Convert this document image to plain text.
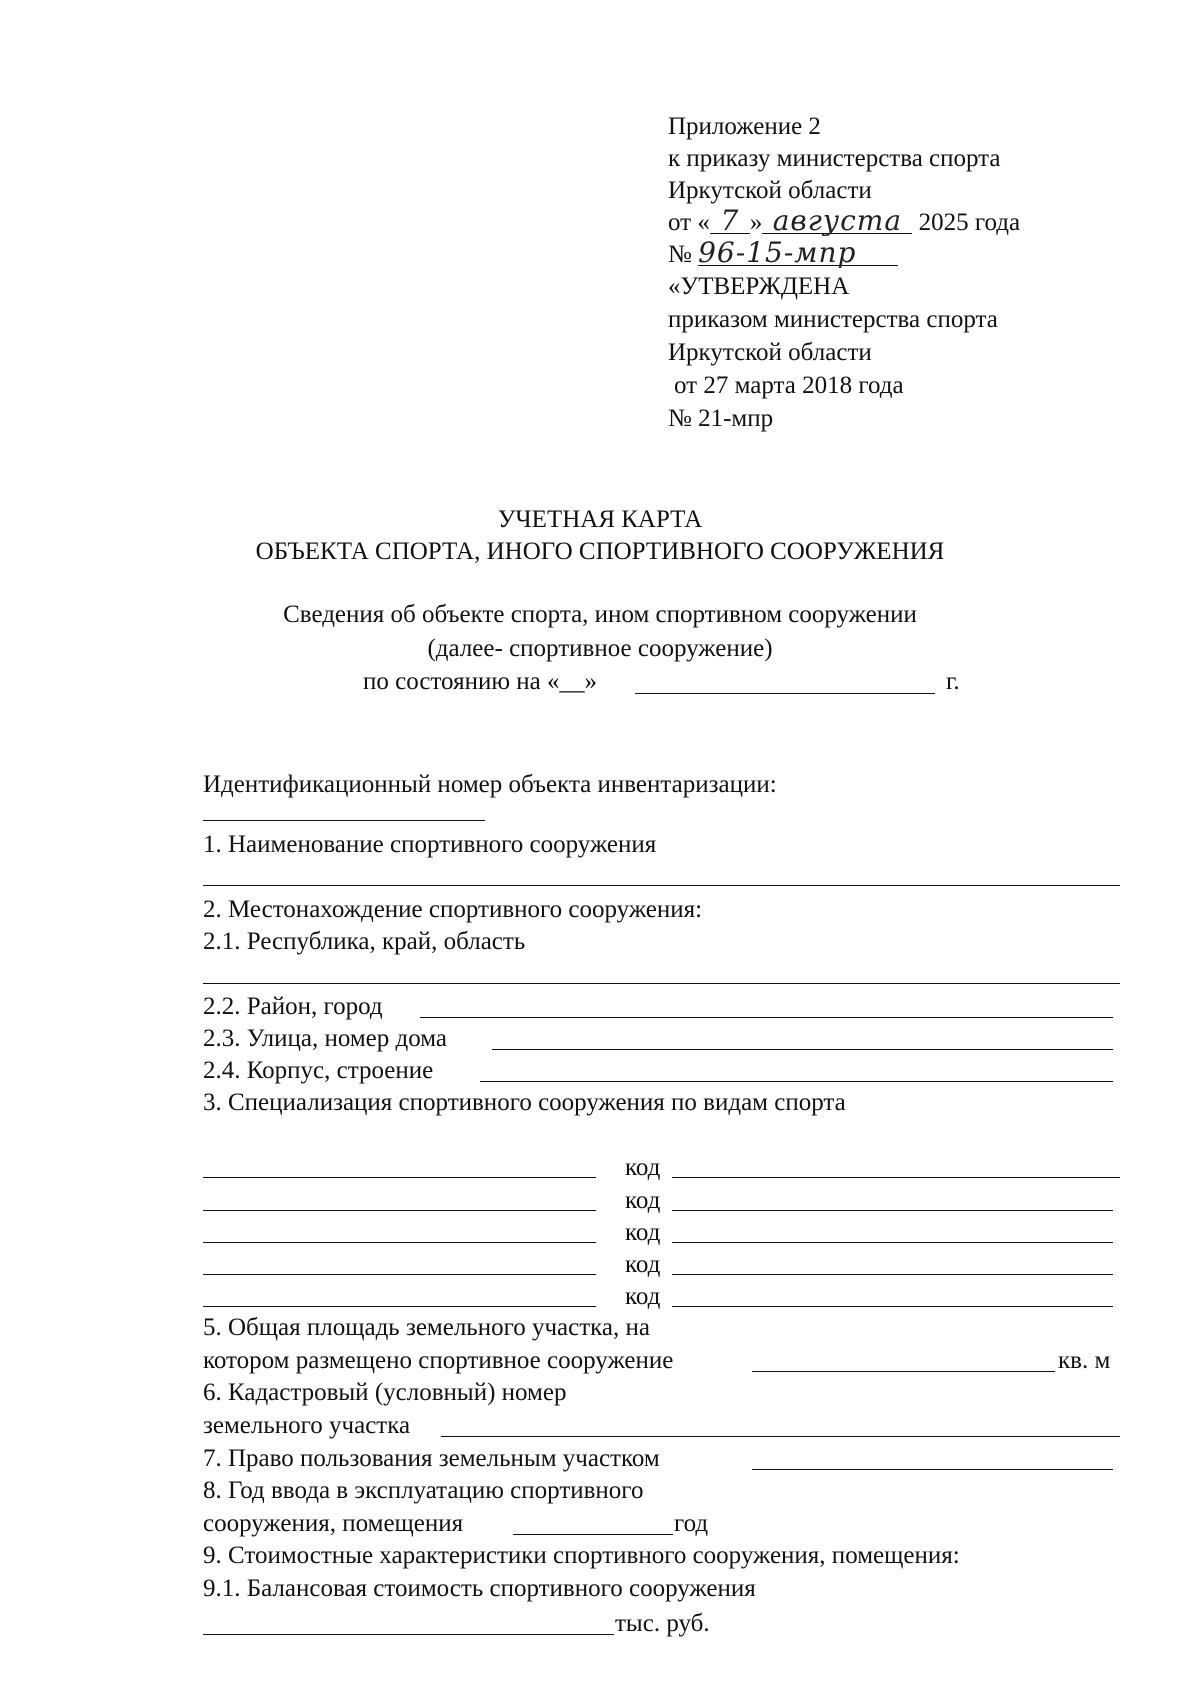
Приложение 2
к приказу министерства спорта
Иркутской области
от « 7 » августа 2025 года
№ 96-15-мпр
«УТВЕРЖДЕНА
приказом министерства спорта
Иркутской области
от 27 марта 2018 года
№ 21-мпр
УЧЕТНАЯ КАРТА
ОБЪЕКТА СПОРТА, ИНОГО СПОРТИВНОГО СООРУЖЕНИЯ
Сведения об объекте спорта, ином спортивном сооружении
(далее- спортивное сооружение)
по состоянию на «__»	г.
Идентификационный номер объекта инвентаризации:
1. Наименование спортивного сооружения
2. Местонахождение спортивного сооружения:
2.1. Республика, край, область
2.2. Район, город
2.3. Улица, номер дома
2.4. Корпус, строение
3. Специализация спортивного сооружения по видам спорта
код
код
код
код
код
5. Общая площадь земельного участка, на
котором размещено спортивное сооружение	кв. м
6. Кадастровый (условный) номер
земельного участка
7. Право пользования земельным участком
8. Год ввода в эксплуатацию спортивного
сооружения, помещения	год
9. Стоимостные характеристики спортивного сооружения, помещения:
9.1. Балансовая стоимость спортивного сооружения
тыс. руб.
